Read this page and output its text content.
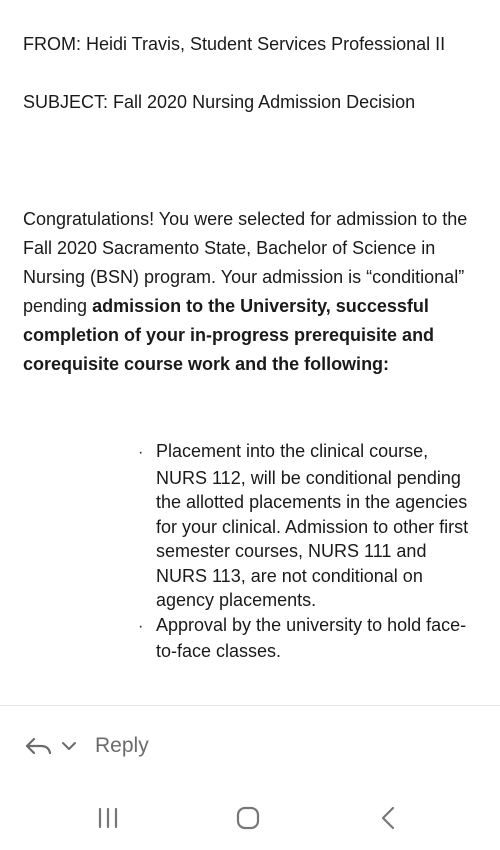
FROM: Heidi Travis, Student Services Professional II
SUBJECT: Fall 2020 Nursing Admission Decision
Congratulations! You were selected for admission to the Fall 2020 Sacramento State, Bachelor of Science in Nursing (BSN) program. Your admission is “conditional” pending admission to the University, successful completion of your in-progress prerequisite and corequisite course work and the following:
· Placement into the clinical course, NURS 112, will be conditional pending the allotted placements in the agencies for your clinical. Admission to other first semester courses, NURS 111 and NURS 113, are not conditional on agency placements.
· Approval by the university to hold face-to-face classes.
Reply
